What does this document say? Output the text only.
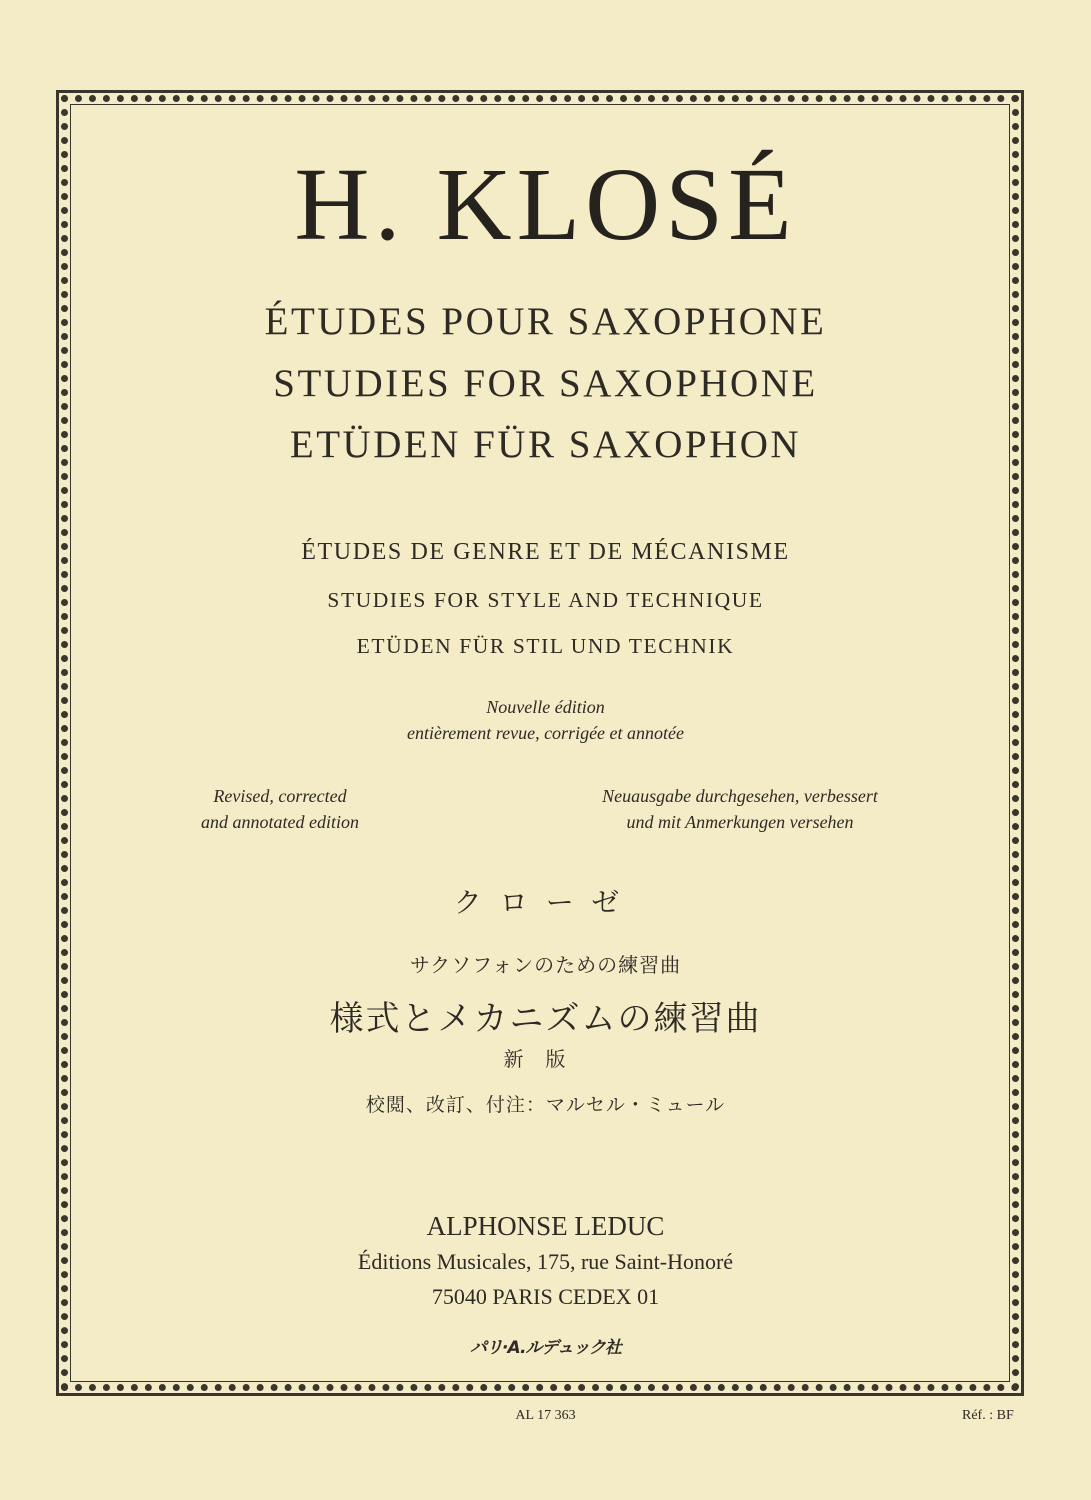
H. KLOSÉ
ÉTUDES POUR SAXOPHONE
STUDIES FOR SAXOPHONE
ETÜDEN FÜR SAXOPHON
ÉTUDES DE GENRE ET DE MÉCANISME
STUDIES FOR STYLE AND TECHNIQUE
ETÜDEN FÜR STIL UND TECHNIK
Nouvelle édition
entièrement revue, corrigée et annotée
Revised, corrected
and annotated edition
Neuausgabe durchgesehen, verbessert
und mit Anmerkungen versehen
クローゼ
サクソフォンのための練習曲
様式とメカニズムの練習曲
新版
校閲、改訂、付注：マルセル・ミュール
ALPHONSE LEDUC
Éditions Musicales, 175, rue Saint-Honoré
75040 PARIS CEDEX 01
パリ·A.ルデュック社
AL 17 363	Réf. : BF
